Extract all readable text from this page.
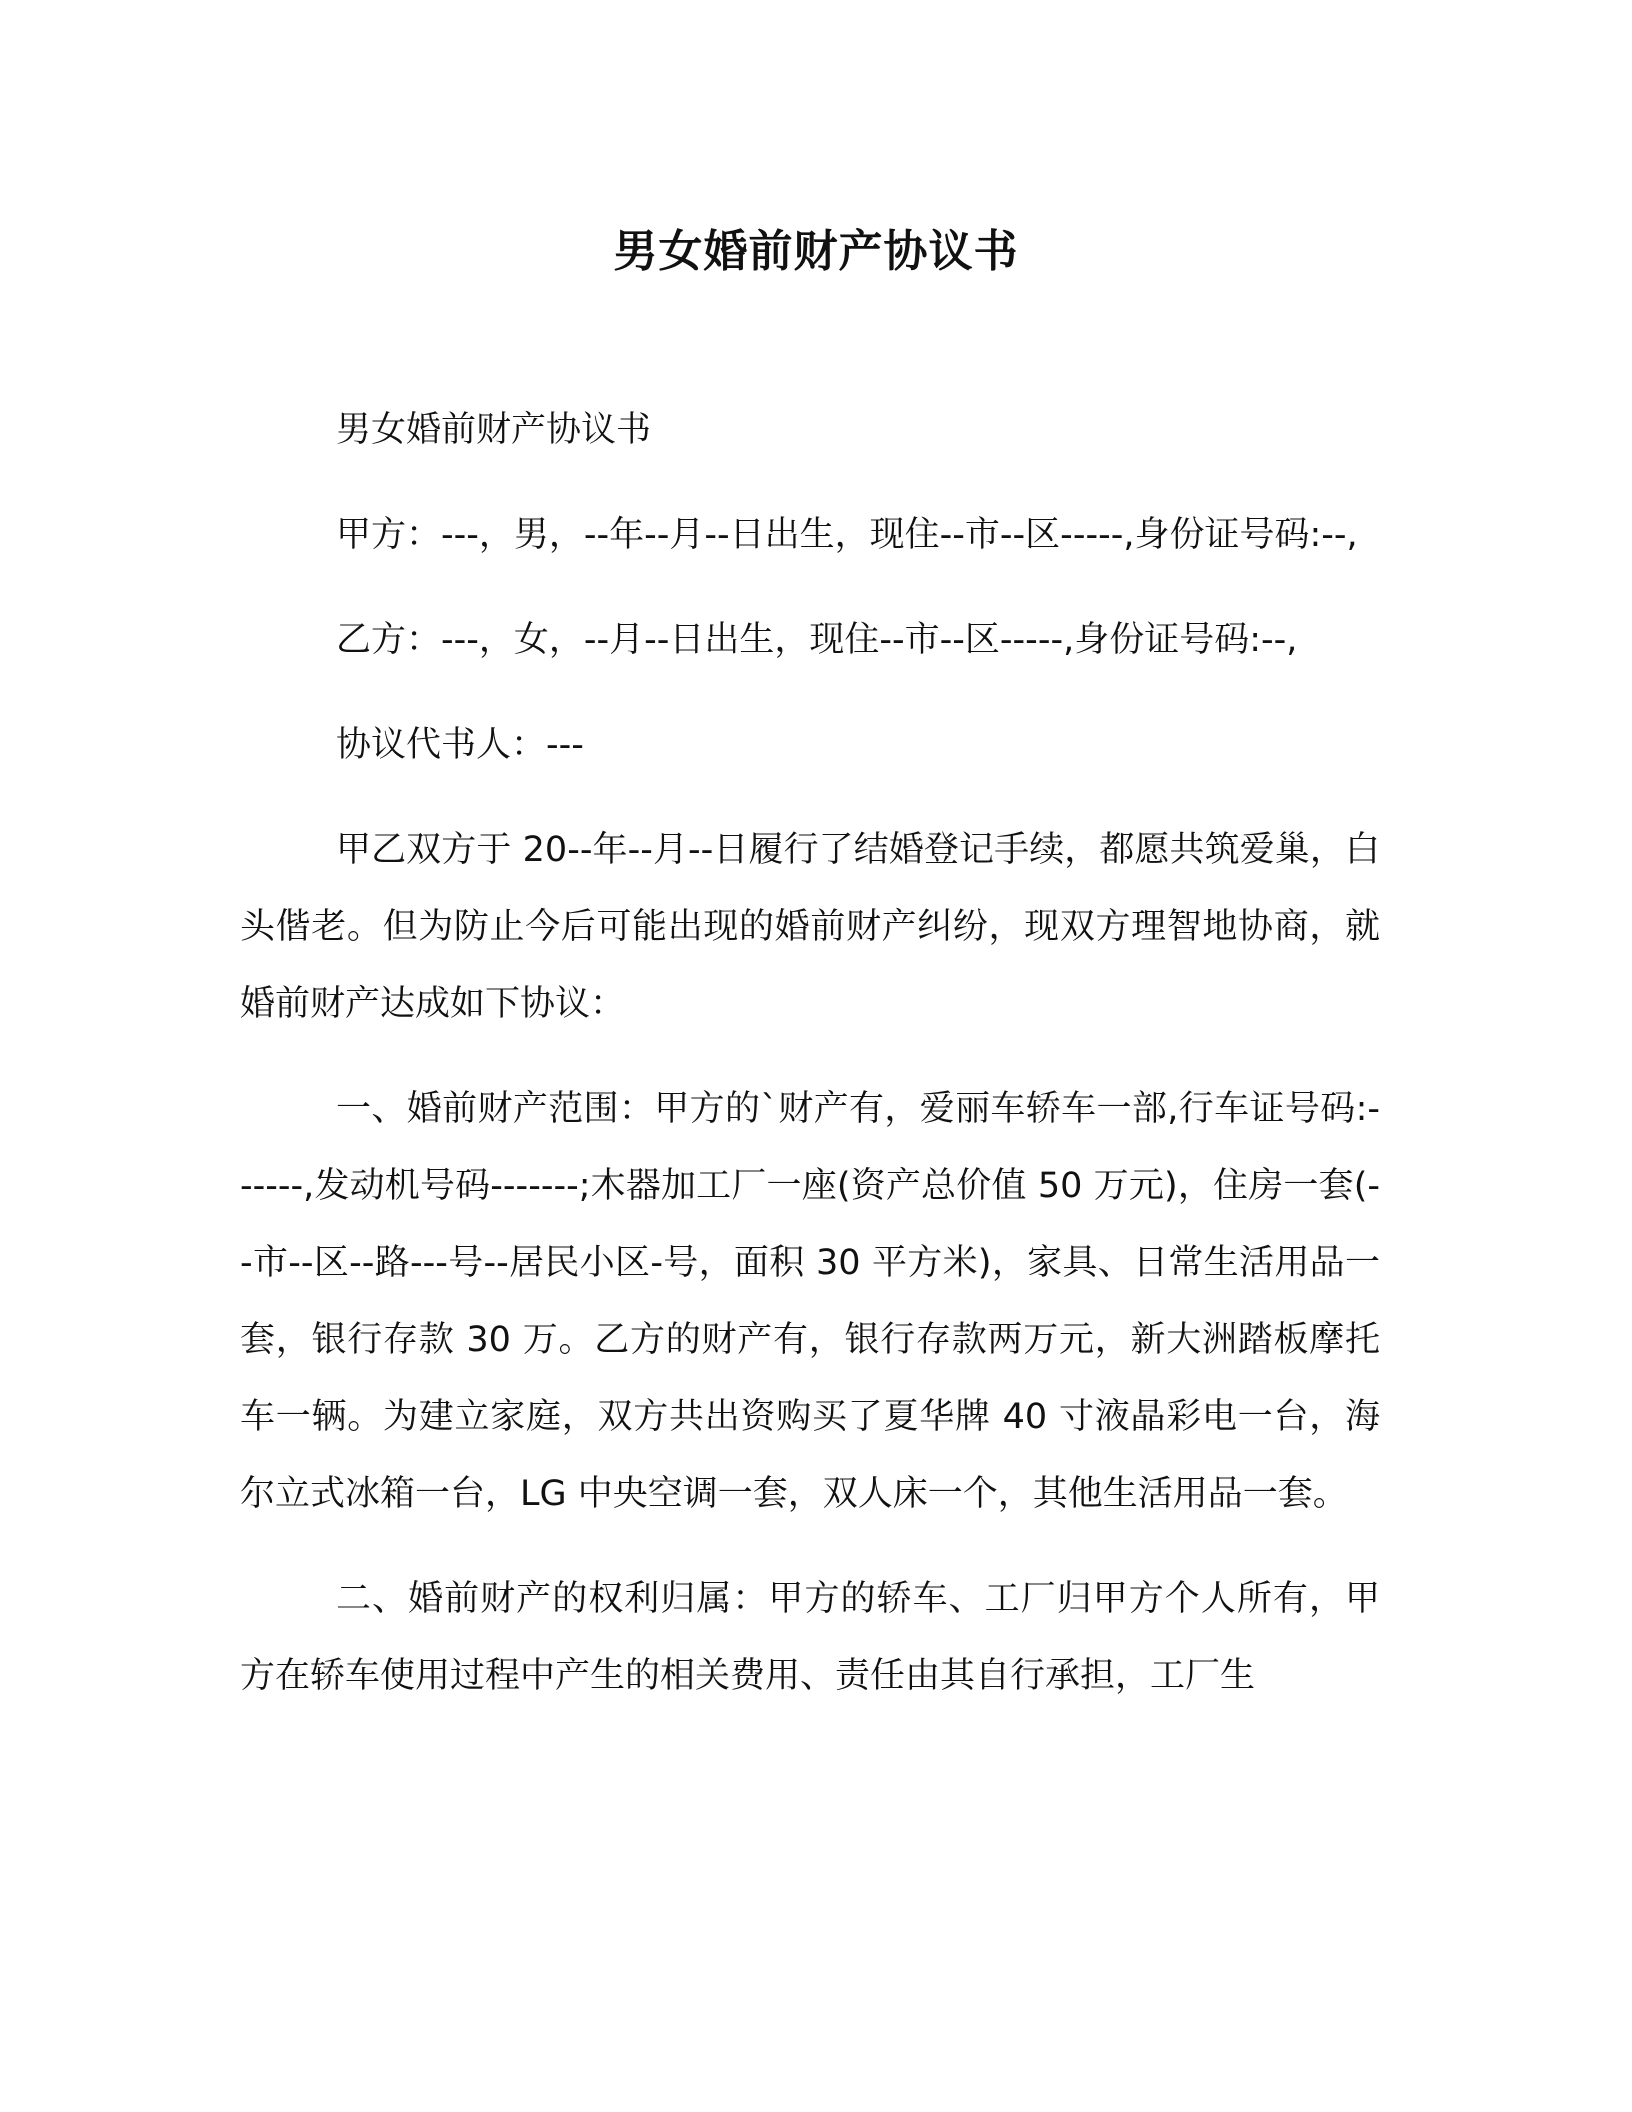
男女婚前财产协议书

男女婚前财产协议书

甲方：---，男，--年--月--日出生，现住--市--区-----,身份证号码:--,

乙方：---，女，--月--日出生，现住--市--区-----,身份证号码:--,

协议代书人：---

甲乙双方于 20--年--月--日履行了结婚登记手续，都愿共筑爱巢，白头偕老。但为防止今后可能出现的婚前财产纠纷，现双方理智地协商，就婚前财产达成如下协议：

一、婚前财产范围：甲方的`财产有，爱丽车轿车一部,行车证号码:------,发动机号码-------;木器加工厂一座(资产总价值 50 万元)，住房一套(--市--区--路---号--居民小区-号，面积 30 平方米)，家具、日常生活用品一套，银行存款 30 万。乙方的财产有，银行存款两万元，新大洲踏板摩托车一辆。为建立家庭，双方共出资购买了夏华牌 40 寸液晶彩电一台，海尔立式冰箱一台，LG 中央空调一套，双人床一个，其他生活用品一套。

二、婚前财产的权利归属：甲方的轿车、工厂归甲方个人所有，甲方在轿车使用过程中产生的相关费用、责任由其自行承担，工厂生
